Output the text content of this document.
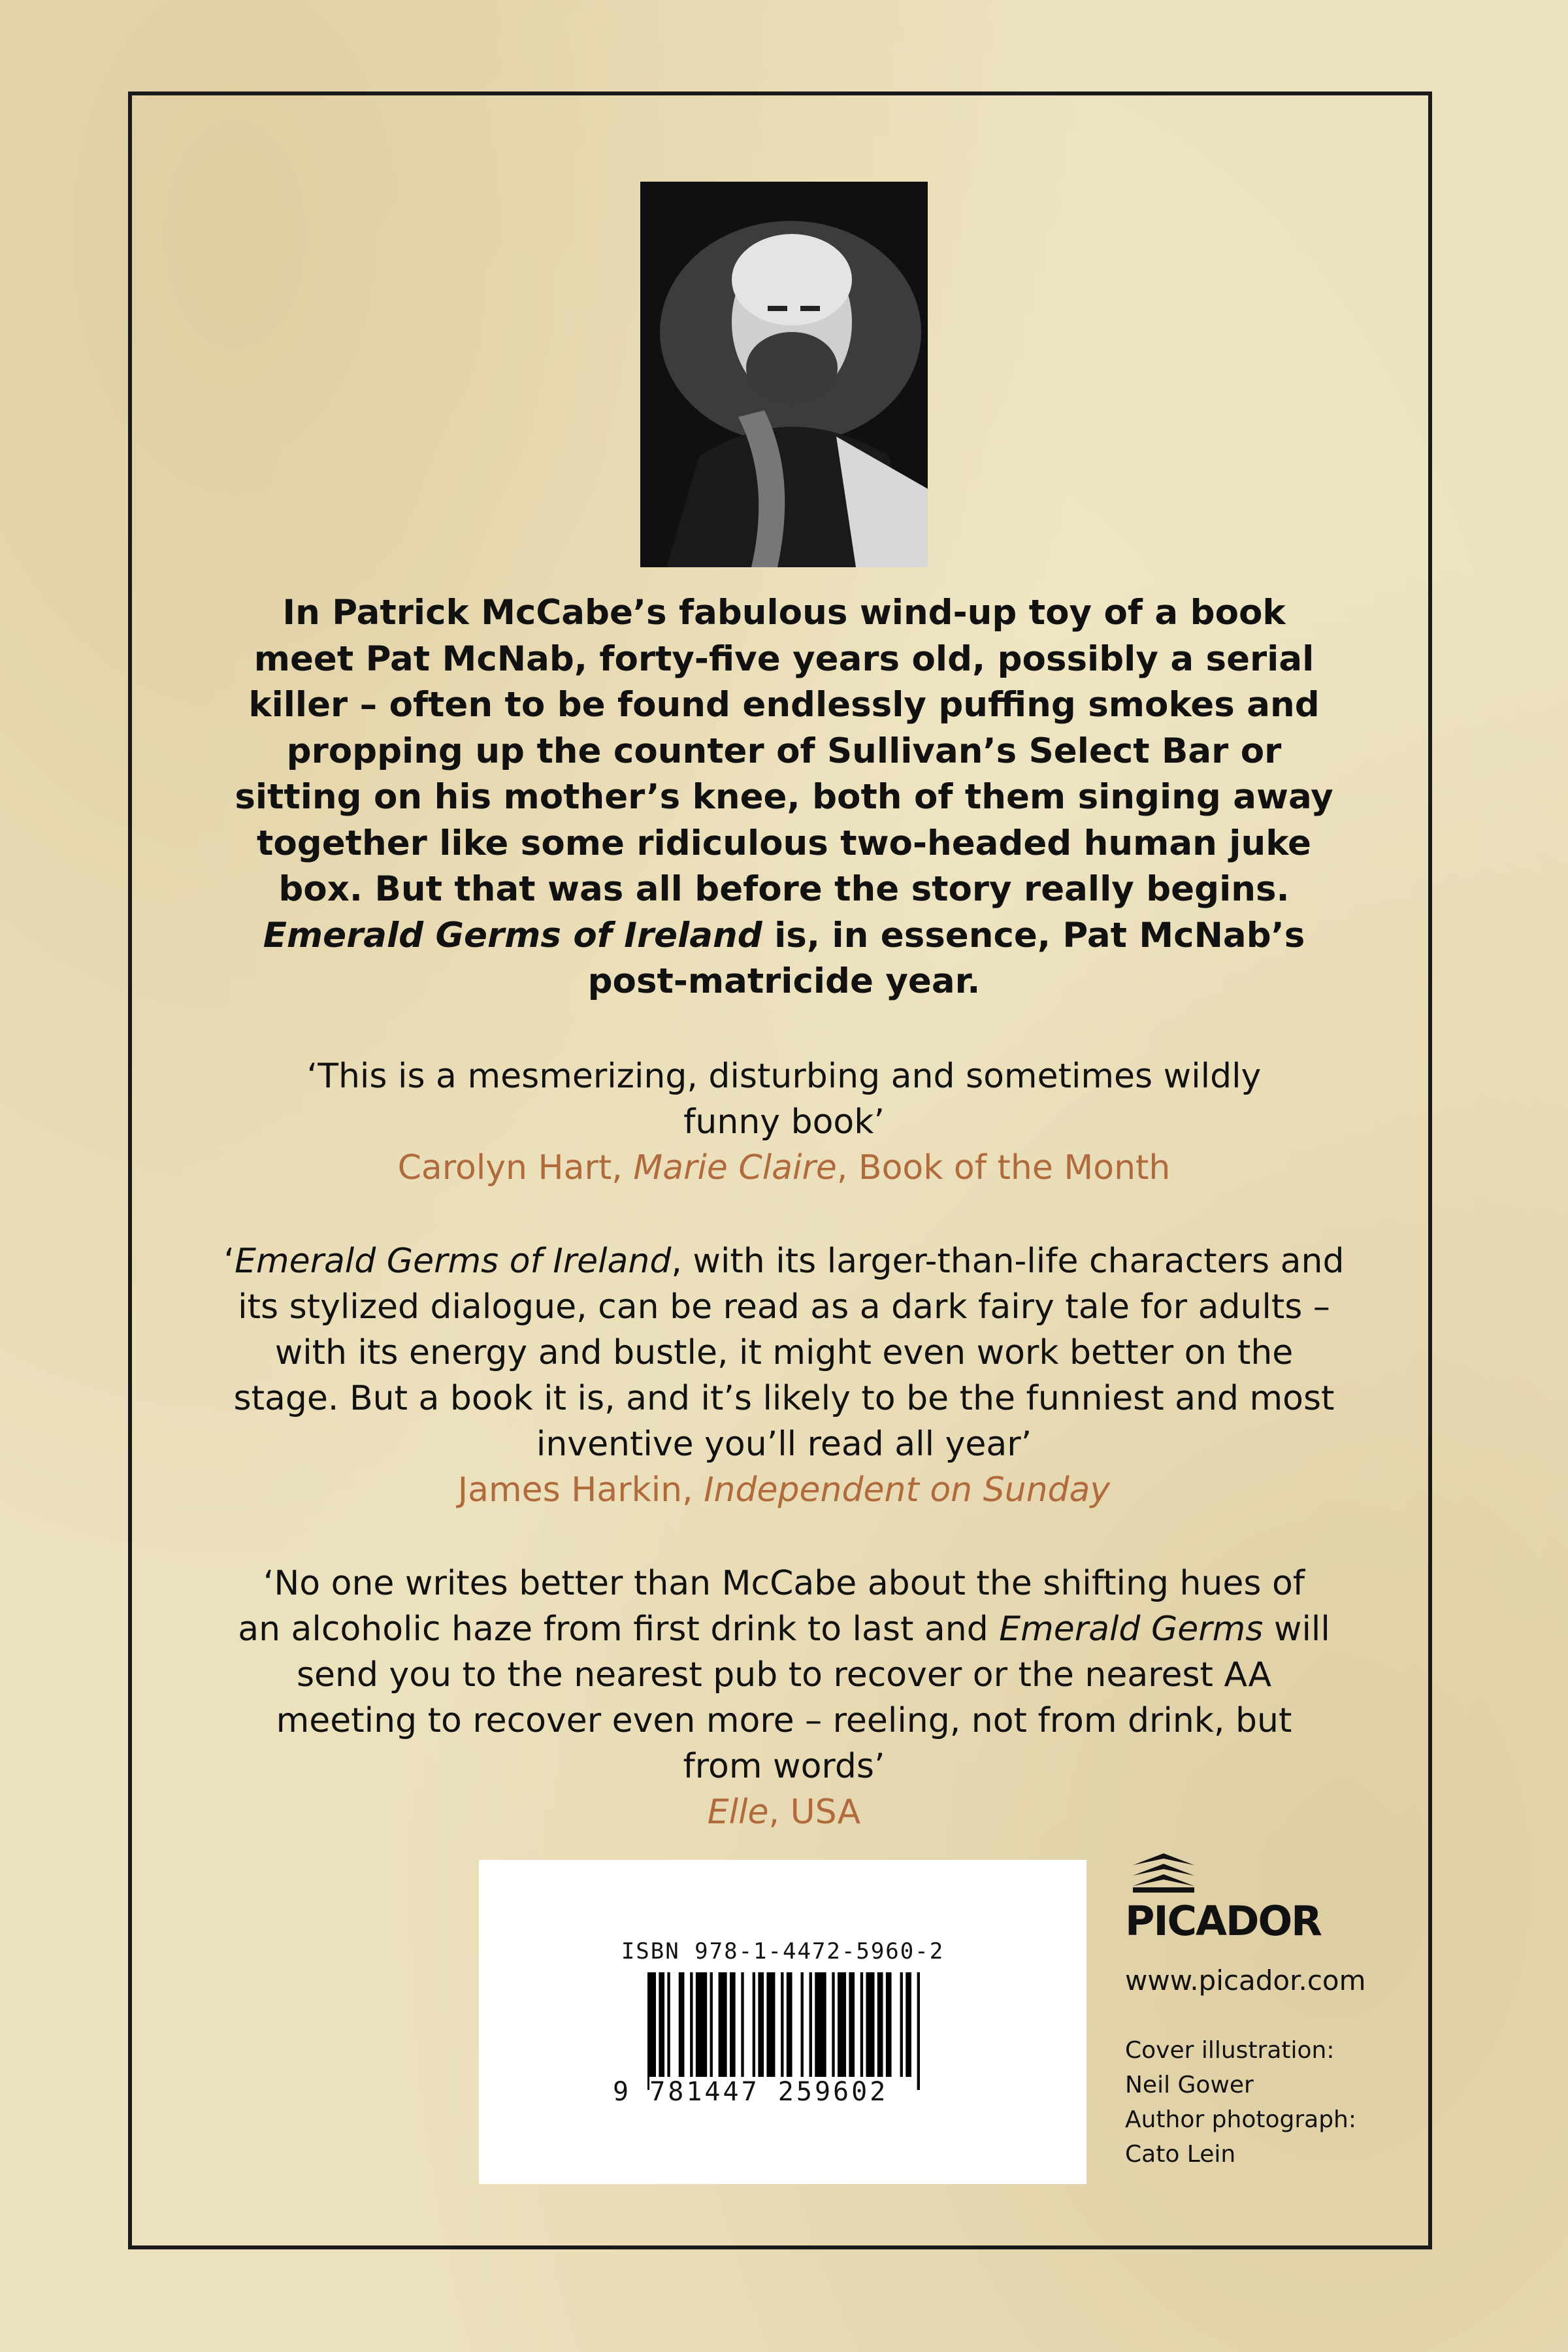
In Patrick McCabe’s fabulous wind-up toy of a book
meet Pat McNab, forty-five years old, possibly a serial
killer – often to be found endlessly puffing smokes and
propping up the counter of Sullivan’s Select Bar or
sitting on his mother’s knee, both of them singing away
together like some ridiculous two-headed human juke
box. But that was all before the story really begins.
Emerald Germs of Ireland is, in essence, Pat McNab’s
post-matricide year.

‘This is a mesmerizing, disturbing and sometimes wildly
funny book’
Carolyn Hart, Marie Claire, Book of the Month

‘Emerald Germs of Ireland, with its larger-than-life characters and
its stylized dialogue, can be read as a dark fairy tale for adults –
with its energy and bustle, it might even work better on the
stage. But a book it is, and it’s likely to be the funniest and most
inventive you’ll read all year’
James Harkin, Independent on Sunday

‘No one writes better than McCabe about the shifting hues of
an alcoholic haze from first drink to last and Emerald Germs will
send you to the nearest pub to recover or the nearest AA
meeting to recover even more – reeling, not from drink, but
from words’
Elle, USA

ISBN 978-1-4472-5960-2
9 781447 259602
PICADOR
www.picador.com
Cover illustration:
Neil Gower
Author photograph:
Cato Lein
